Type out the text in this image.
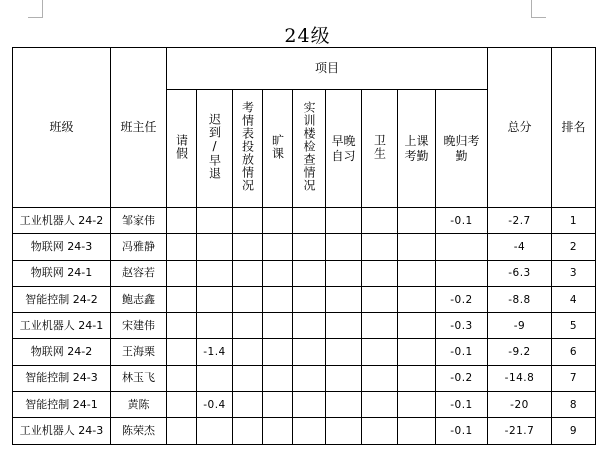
24级
班级	班主任	项目									总分	排名
		请假	迟到/早退	考情表投放情况	旷课	实训楼检查情况	早晚自习	卫生	上课考勤	晚归考勤		

工业机器人 24-2	邹家伟									-0.1	-2.7	1
物联网 24-3	冯雅静										-4	2
物联网 24-1	赵容若										-6.3	3
智能控制 24-2	鲍志鑫									-0.2	-8.8	4
工业机器人 24-1	宋建伟									-0.3	-9	5
物联网 24-2	王海栗		-1.4							-0.1	-9.2	6
智能控制 24-3	林玉飞									-0.2	-14.8	7
智能控制 24-1	黄陈		-0.4							-0.1	-20	8
工业机器人 24-3	陈荣杰									-0.1	-21.7	9
